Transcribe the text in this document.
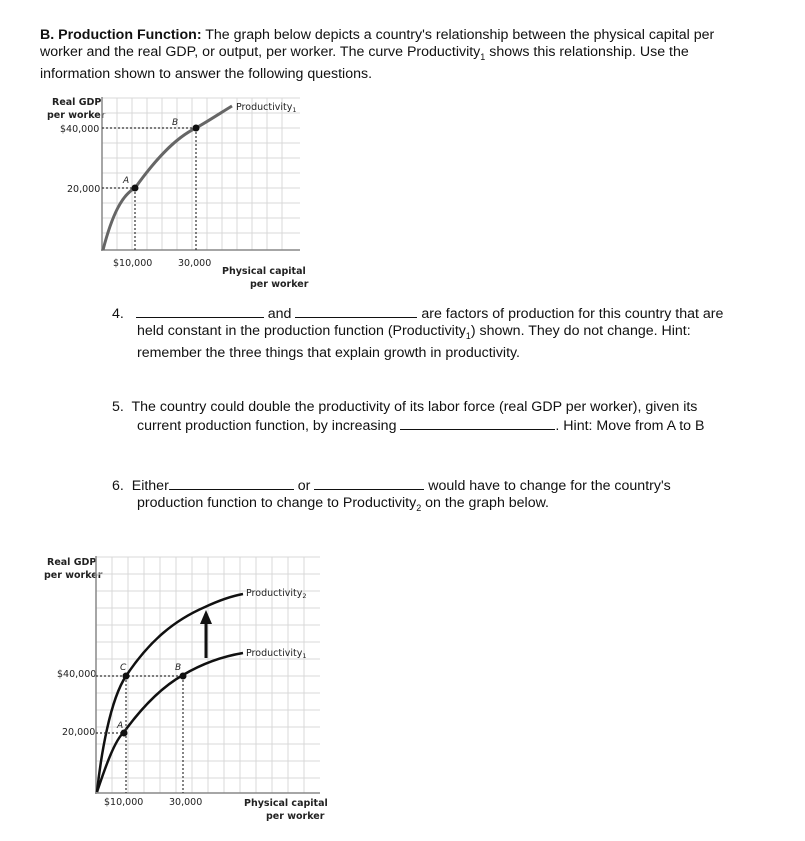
B. Production Function: The graph below depicts a country's relationship between the physical capital per
worker and the real GDP, or output, per worker. The curve Productivity$_1$ shows this relationship. Use the
information shown to answer the following questions.
Real GDP
per worker
$40,000
20,000
$10,000	30,000
Physical capital
per worker
B
A
Productivity$_1$
4.	and	are factors of production for this country that are
held constant in the production function (Productivity$_1$) shown. They do not change. Hint:
remember the three things that explain growth in productivity.
5. The country could double the productivity of its labor force (real GDP per worker), given its
current production function, by increasing	. Hint: Move from A to B
6. Either	or	would have to change for the country's
production function to change to Productivity$_2$ on the graph below.
Real GDP
per worker
$40,000
20,000
$10,000	30,000	Physical capital
per worker
C	B
A
Productivity$_2$
Productivity$_1$
